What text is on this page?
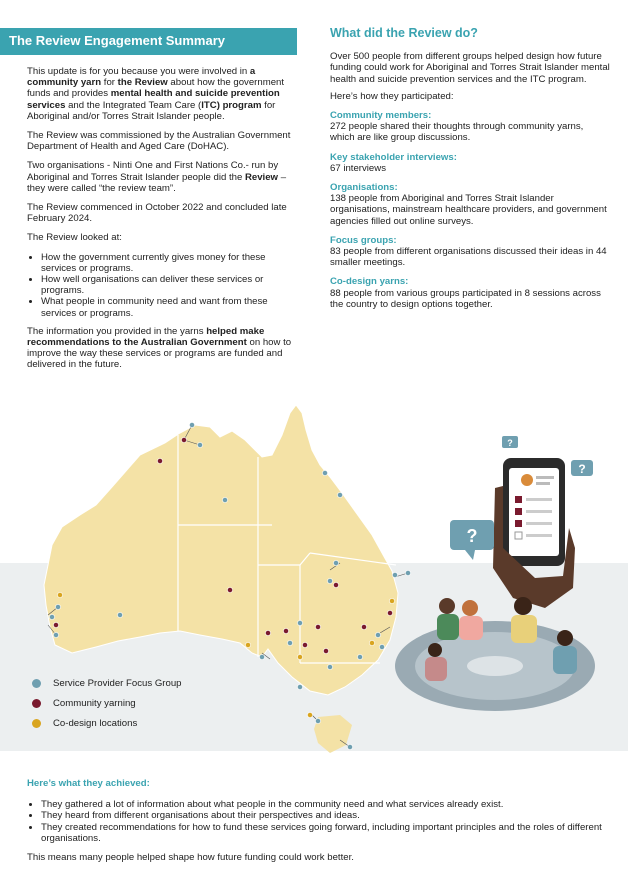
The Review Engagement Summary

This update is for you because you were involved in a community yarn for the Review about how the government funds and provides mental health and suicide prevention services and the Integrated Team Care (ITC) program for Aboriginal and/or Torres Strait Islander people.

The Review was commissioned by the Australian Government Department of Health and Aged Care (DoHAC).

Two organisations - Ninti One and First Nations Co.- run by Aboriginal and Torres Strait Islander people did the Review – they were called “the review team”.

The Review commenced in October 2022 and concluded late February 2024.

The Review looked at:

• How the government currently gives money for these services or programs.
• How well organisations can deliver these services or programs.
• What people in community need and want from these services or programs.

The information you provided in the yarns helped make recommendations to the Australian Government on how to improve the way these services or programs are funded and delivered in the future.

What did the Review do?

Over 500 people from different groups helped design how future funding could work for Aboriginal and Torres Strait Islander mental health and suicide prevention services and the ITC program.

Here’s how they participated:

Community members:

272 people shared their thoughts through community yarns, which are like group discussions.

Key stakeholder interviews:

67 interviews

Organisations:

138 people from Aboriginal and Torres Strait Islander organisations, mainstream healthcare providers, and government agencies filled out online surveys.

Focus groups:

83 people from different organisations discussed their ideas in 44 smaller meetings.

Co-design yarns:

88 people from various groups participated in 8 sessions across the country to design options together.

Service Provider Focus Group
Community yarning
Co-design locations
?
?
?
Here’s what they achieved:
• They gathered a lot of information about what people in the community need and what services already exist.
• They heard from different organisations about their perspectives and ideas.
• They created recommendations for how to fund these services going forward, including important principles and the roles of different organisations.

This means many people helped shape how future funding could work better.
